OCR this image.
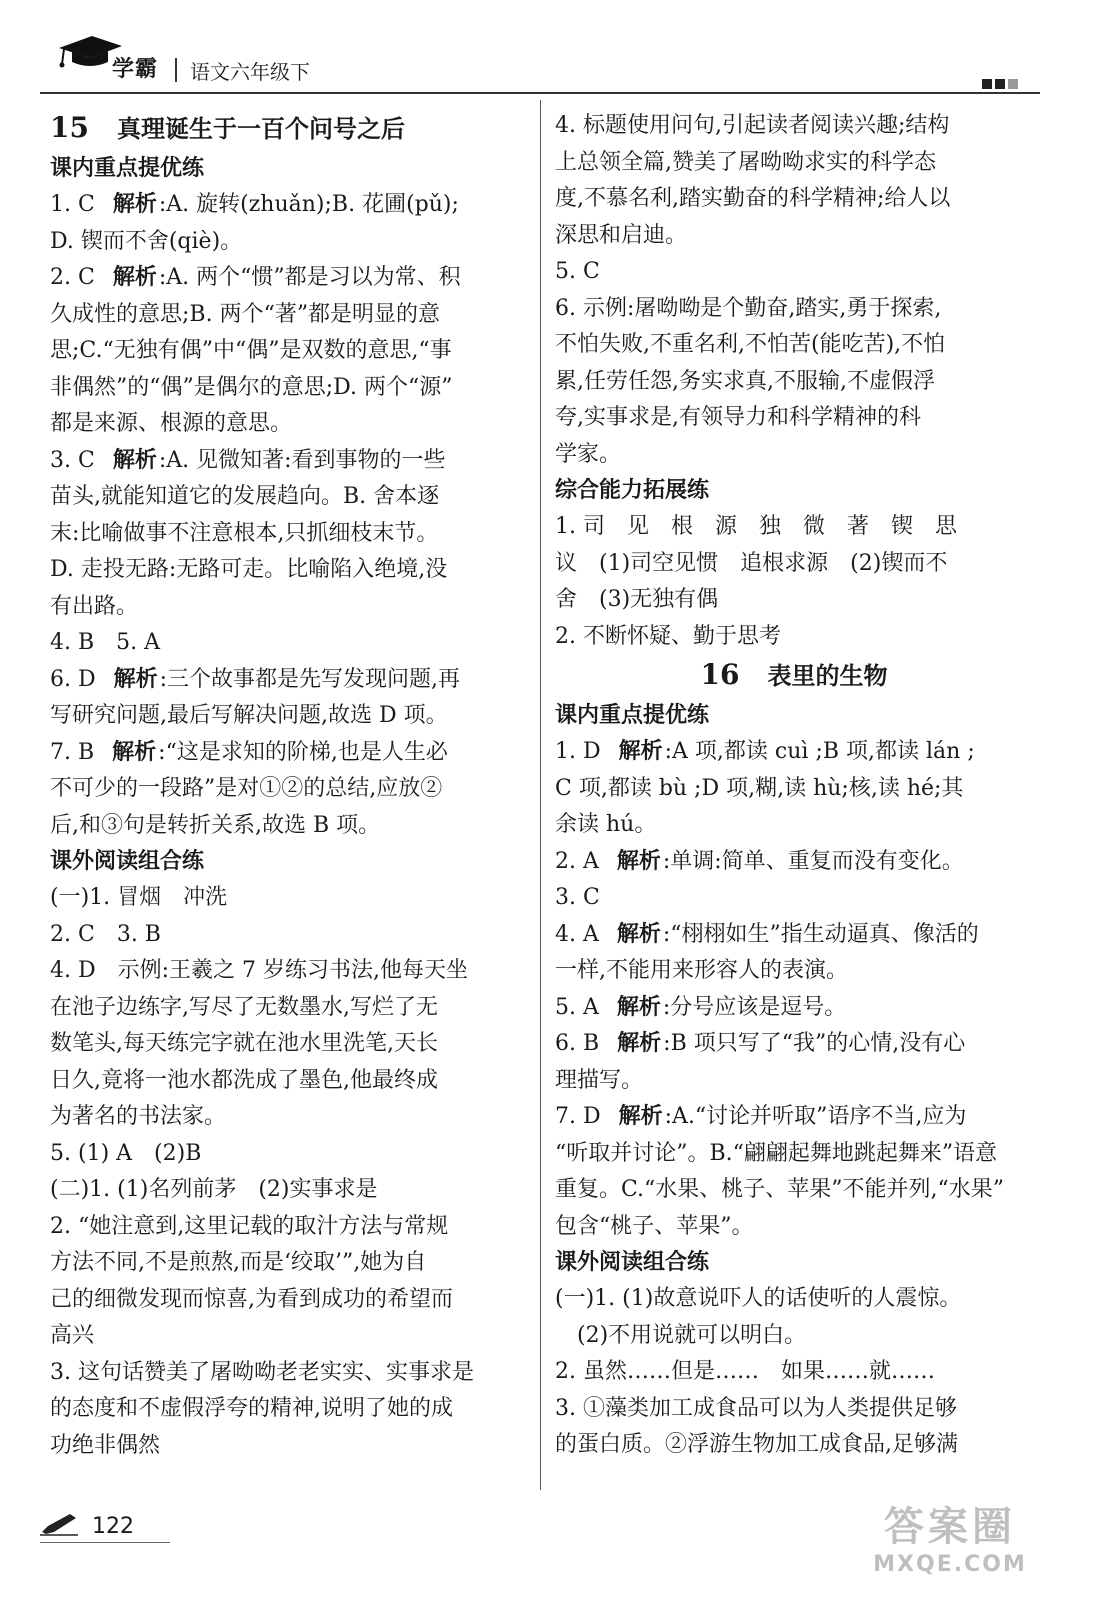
学霸 语文六年级下
15 真理诞生于一百个问号之后
课内重点提优练

1. C 解析:A. 旋转(zhuǎn);B. 花圃(pǔ);

D. 锲而不舍(qiè)。

2. C 解析:A. 两个“惯”都是习以为常、积

久成性的意思;B. 两个“著”都是明显的意

思;C.“无独有偶”中“偶”是双数的意思,“事

非偶然”的“偶”是偶尔的意思;D. 两个“源”

都是来源、根源的意思。

3. C 解析:A. 见微知著:看到事物的一些

苗头,就能知道它的发展趋向。B. 舍本逐

末:比喻做事不注意根本,只抓细枝末节。

D. 走投无路:无路可走。比喻陷入绝境,没

有出路。

4. B　5. A

6. D 解析:三个故事都是先写发现问题,再

写研究问题,最后写解决问题,故选 D 项。

7. B 解析:“这是求知的阶梯,也是人生必

不可少的一段路”是对①②的总结,应放②

后,和③句是转折关系,故选 B 项。

课外阅读组合练

(一)1. 冒烟　冲洗

2. C　3. B

4. D　示例:王羲之 7 岁练习书法,他每天坐

在池子边练字,写尽了无数墨水,写烂了无

数笔头,每天练完字就在池水里洗笔,天长

日久,竟将一池水都洗成了墨色,他最终成

为著名的书法家。

5. (1) A　(2)B

(二)1. (1)名列前茅　(2)实事求是

2. “她注意到,这里记载的取汁方法与常规

方法不同,不是煎熬,而是‘绞取’”,她为自

己的细微发现而惊喜,为看到成功的希望而

高兴

3. 这句话赞美了屠呦呦老老实实、实事求是

的态度和不虚假浮夸的精神,说明了她的成

功绝非偶然

4. 标题使用问句,引起读者阅读兴趣;结构

上总领全篇,赞美了屠呦呦求实的科学态

度,不慕名利,踏实勤奋的科学精神;给人以

深思和启迪。

5. C

6. 示例:屠呦呦是个勤奋,踏实,勇于探索,

不怕失败,不重名利,不怕苦(能吃苦),不怕

累,任劳任怨,务实求真,不服输,不虚假浮

夸,实事求是,有领导力和科学精神的科

学家。

综合能力拓展练

1. 司　见　根　源　独　微　著　锲　思

议　(1)司空见惯　追根求源　(2)锲而不

舍　(3)无独有偶

2. 不断怀疑、勤于思考

16 表里的生物
课内重点提优练

1. D 解析:A 项,都读 cuì ;B 项,都读 lán ;

C 项,都读 bù ;D 项,糊,读 hù;核,读 hé;其

余读 hú。

2. A 解析:单调:简单、重复而没有变化。

3. C

4. A 解析:“栩栩如生”指生动逼真、像活的

一样,不能用来形容人的表演。

5. A 解析:分号应该是逗号。

6. B 解析:B 项只写了“我”的心情,没有心

理描写。

7. D 解析:A.“讨论并听取”语序不当,应为

“听取并讨论”。B.“翩翩起舞地跳起舞来”语意

重复。C.“水果、桃子、苹果”不能并列,“水果”

包含“桃子、苹果”。

课外阅读组合练

(一)1. (1)故意说吓人的话使听的人震惊。

(2)不用说就可以明白。

2. 虽然……但是……　如果……就……

3. ①藻类加工成食品可以为人类提供足够

的蛋白质。②浮游生物加工成食品,足够满

122	答案圈
MXQE.COM
